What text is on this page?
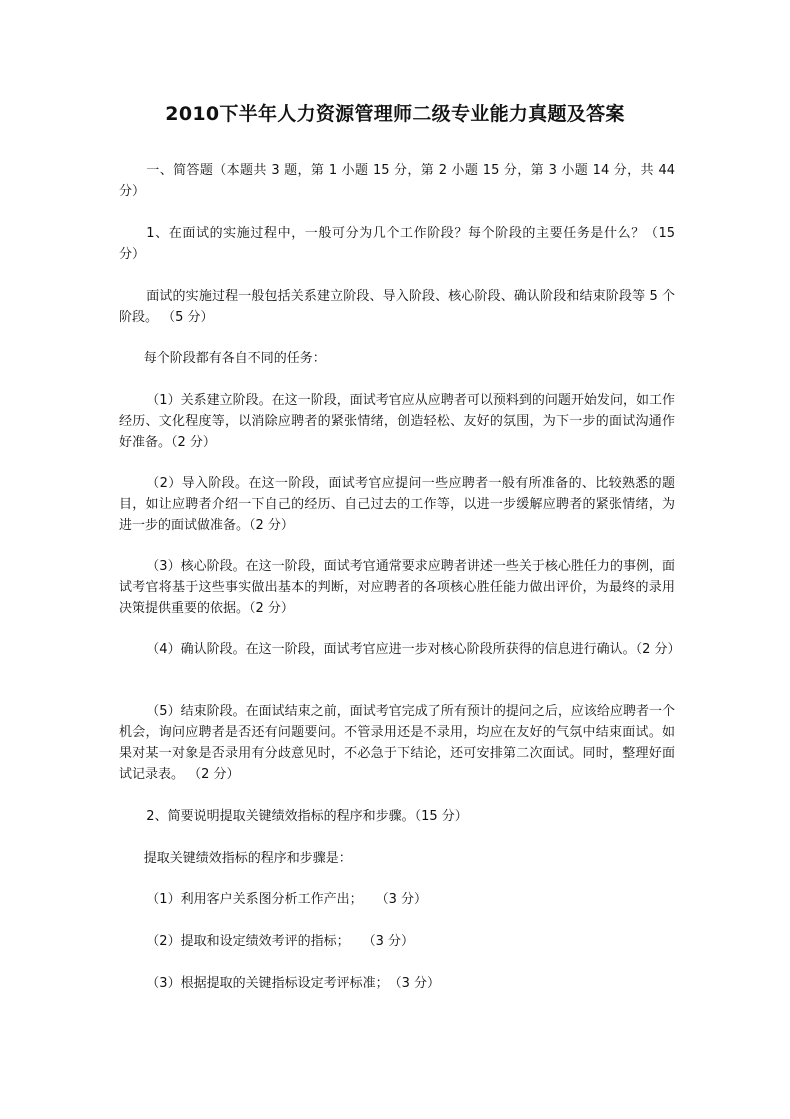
2010下半年人力资源管理师二级专业能力真题及答案
一、简答题（本题共 3 题，第 1 小题 15 分，第 2 小题 15 分，第 3 小题 14 分，共 44 分）
1、在面试的实施过程中，一般可分为几个工作阶段？每个阶段的主要任务是什么？（15 分）
面试的实施过程一般包括关系建立阶段、导入阶段、核心阶段、确认阶段和结束阶段等 5 个阶段。 （5 分）
每个阶段都有各自不同的任务：
（1）关系建立阶段。在这一阶段，面试考官应从应聘者可以预料到的问题开始发问，如工作经历、文化程度等，以消除应聘者的紧张情绪，创造轻松、友好的氛围，为下一步的面试沟通作好准备。（2 分）
（2）导入阶段。在这一阶段，面试考官应提问一些应聘者一般有所准备的、比较熟悉的题目，如让应聘者介绍一下自己的经历、自己过去的工作等，以进一步缓解应聘者的紧张情绪，为进一步的面试做准备。（2 分）
（3）核心阶段。在这一阶段，面试考官通常要求应聘者讲述一些关于核心胜任力的事例，面试考官将基于这些事实做出基本的判断，对应聘者的各项核心胜任能力做出评价，为最终的录用决策提供重要的依据。（2 分）
（4）确认阶段。在这一阶段，面试考官应进一步对核心阶段所获得的信息进行确认。（2 分）
（5）结束阶段。在面试结束之前，面试考官完成了所有预计的提问之后，应该给应聘者一个机会，询问应聘者是否还有问题要问。不管录用还是不录用，均应在友好的气氛中结束面试。如果对某一对象是否录用有分歧意见时，不必急于下结论，还可安排第二次面试。同时，整理好面试记录表。 （2 分）
2、简要说明提取关键绩效指标的程序和步骤。（15 分）
提取关键绩效指标的程序和步骤是：
（1）利用客户关系图分析工作产出；　　（3 分）
（2）提取和设定绩效考评的指标；　　（3 分）
（3）根据提取的关键指标设定考评标准；　（3 分）
